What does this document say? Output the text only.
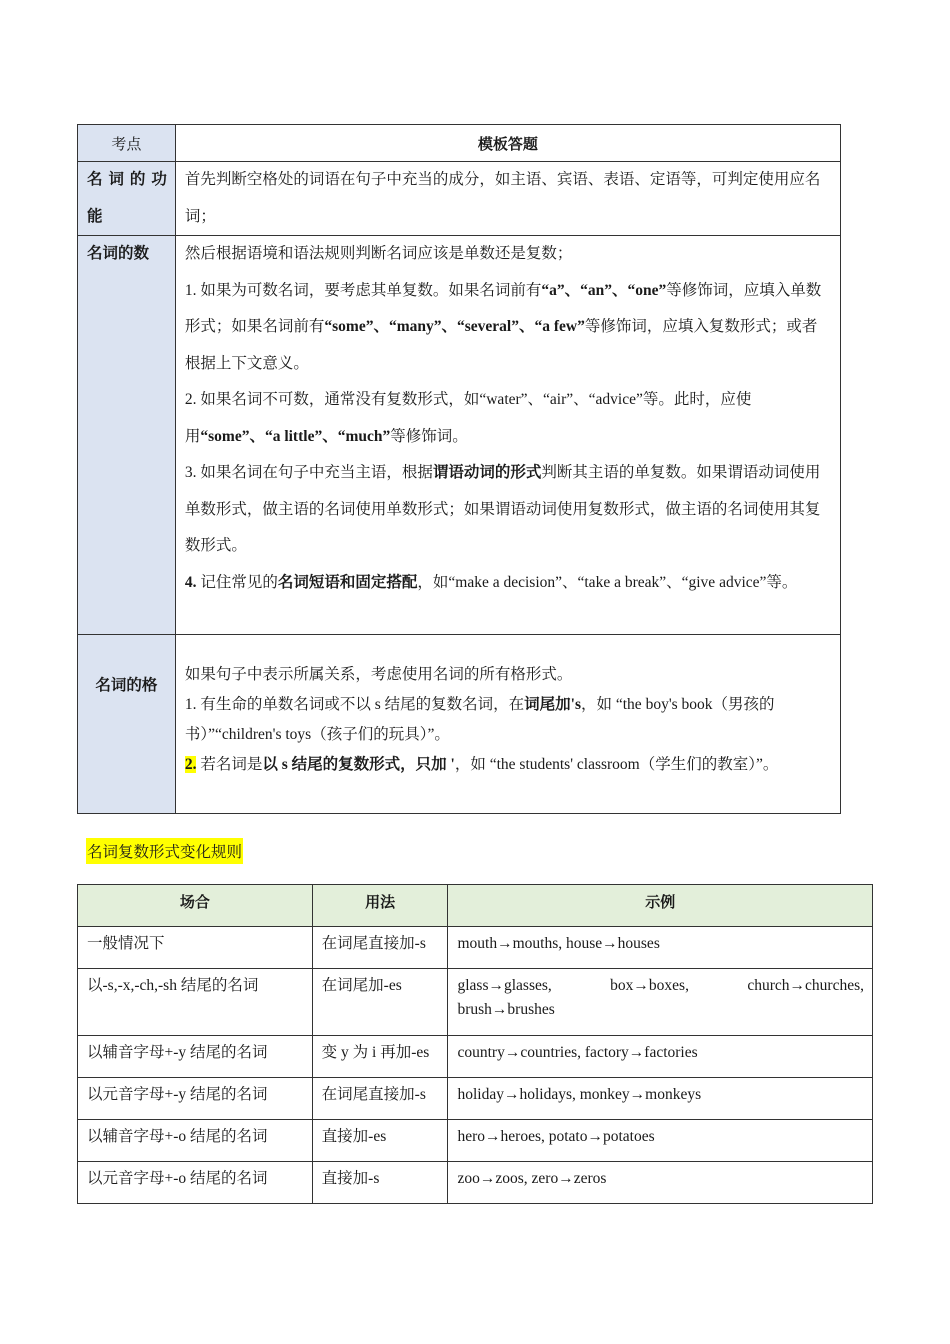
考点	模板答题

名 词 的 功 能	首先判断空格处的词语在句子中充当的成分，如主语、宾语、表语、定语等，可判定使用应名词；

名词的数	然后根据语境和语法规则判断名词应该是单数还是复数；
1. 如果为可数名词，要考虑其单复数。如果名词前有“a”、“an”、“one”等修饰词，应填入单数形式；如果名词前有“some”、“many”、“several”、“a few”等修饰词，应填入复数形式；或者根据上下文意义。
2. 如果名词不可数，通常没有复数形式，如“water”、“air”、“advice”等。此时，应使用“some”、“a little”、“much”等修饰词。
3. 如果名词在句子中充当主语，根据谓语动词的形式判断其主语的单复数。如果谓语动词使用单数形式，做主语的名词使用单数形式；如果谓语动词使用复数形式，做主语的名词使用其复数形式。
4. 记住常见的名词短语和固定搭配，如“make a decision”、“take a break”、“give advice”等。

名词的格	如果句子中表示所属关系，考虑使用名词的所有格形式。
1. 有生命的单数名词或不以 s 结尾的复数名词，在词尾加's，如 “the boy's book（男孩的书）”“children's toys（孩子们的玩具）”。
2. 若名词是以 s 结尾的复数形式，只加 '，如 “the students' classroom（学生们的教室）”。
名词复数形式变化规则
场合	用法	示例
一般情况下	在词尾直接加-s	mouth→mouths, house→houses
以-s,-x,-ch,-sh 结尾的名词	在词尾加-es	glass→glasses,    box→boxes,    church→churches, brush→brushes
以辅音字母+-y 结尾的名词	变 y 为 i 再加-es	country→countries, factory→factories
以元音字母+-y 结尾的名词	在词尾直接加-s	holiday→holidays, monkey→monkeys
以辅音字母+-o 结尾的名词	直接加-es	hero→heroes, potato→potatoes
以元音字母+-o 结尾的名词	直接加-s	zoo→zoos, zero→zeros
